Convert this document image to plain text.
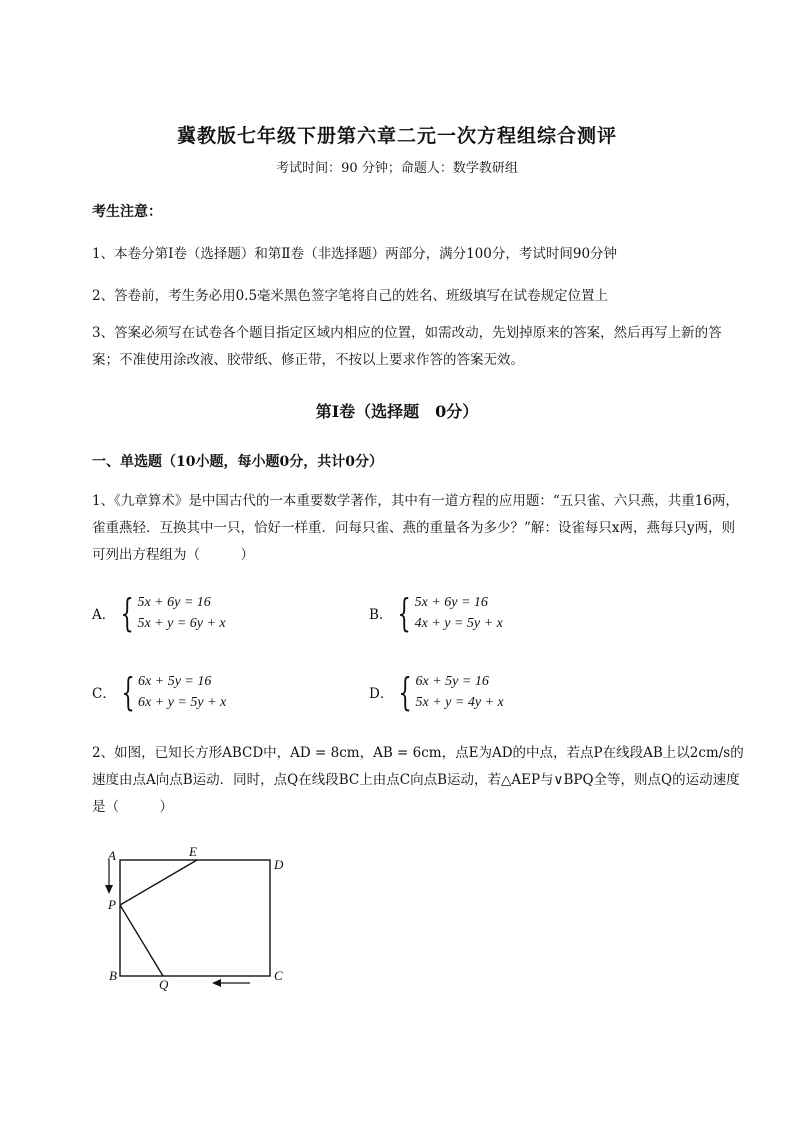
冀教版七年级下册第六章二元一次方程组综合测评
考试时间：90 分钟；命题人：数学教研组
考生注意：
1、本卷分第Ⅰ卷（选择题）和第Ⅱ卷（非选择题）两部分，满分100分，考试时间90分钟
2、答卷前，考生务必用0.5毫米黑色签字笔将自己的姓名、班级填写在试卷规定位置上
3、答案必须写在试卷各个题目指定区域内相应的位置，如需改动，先划掉原来的答案，然后再写上新的答案；不准使用涂改液、胶带纸、修正带，不按以上要求作答的答案无效。
第Ⅰ卷（选择题　0分）
一、单选题（10小题，每小题0分，共计0分）
1、《九章算术》是中国古代的一本重要数学著作，其中有一道方程的应用题：“五只雀、六只燕，共重16两，雀重燕轻．互换其中一只，恰好一样重．问每只雀、燕的重量各为多少？”解：设雀每只x两，燕每只y两，则可列出方程组为（　　　）
A． { 5x + 6y = 16
5x + y = 6y + x
B． { 5x + 6y = 16
4x + y = 5y + x
C． { 6x + 5y = 16
6x + y = 5y + x
D． { 6x + 5y = 16
5x + y = 4y + x
2、如图，已知长方形ABCD中，AD = 8cm，AB = 6cm，点E为AD的中点，若点P在线段AB上以2cm/s的速度由点A向点B运动．同时，点Q在线段BC上由点C向点B运动，若△AEP与∨BPQ全等，则点Q的运动速度是（　　　）
A	E
D
P
B
Q
C
